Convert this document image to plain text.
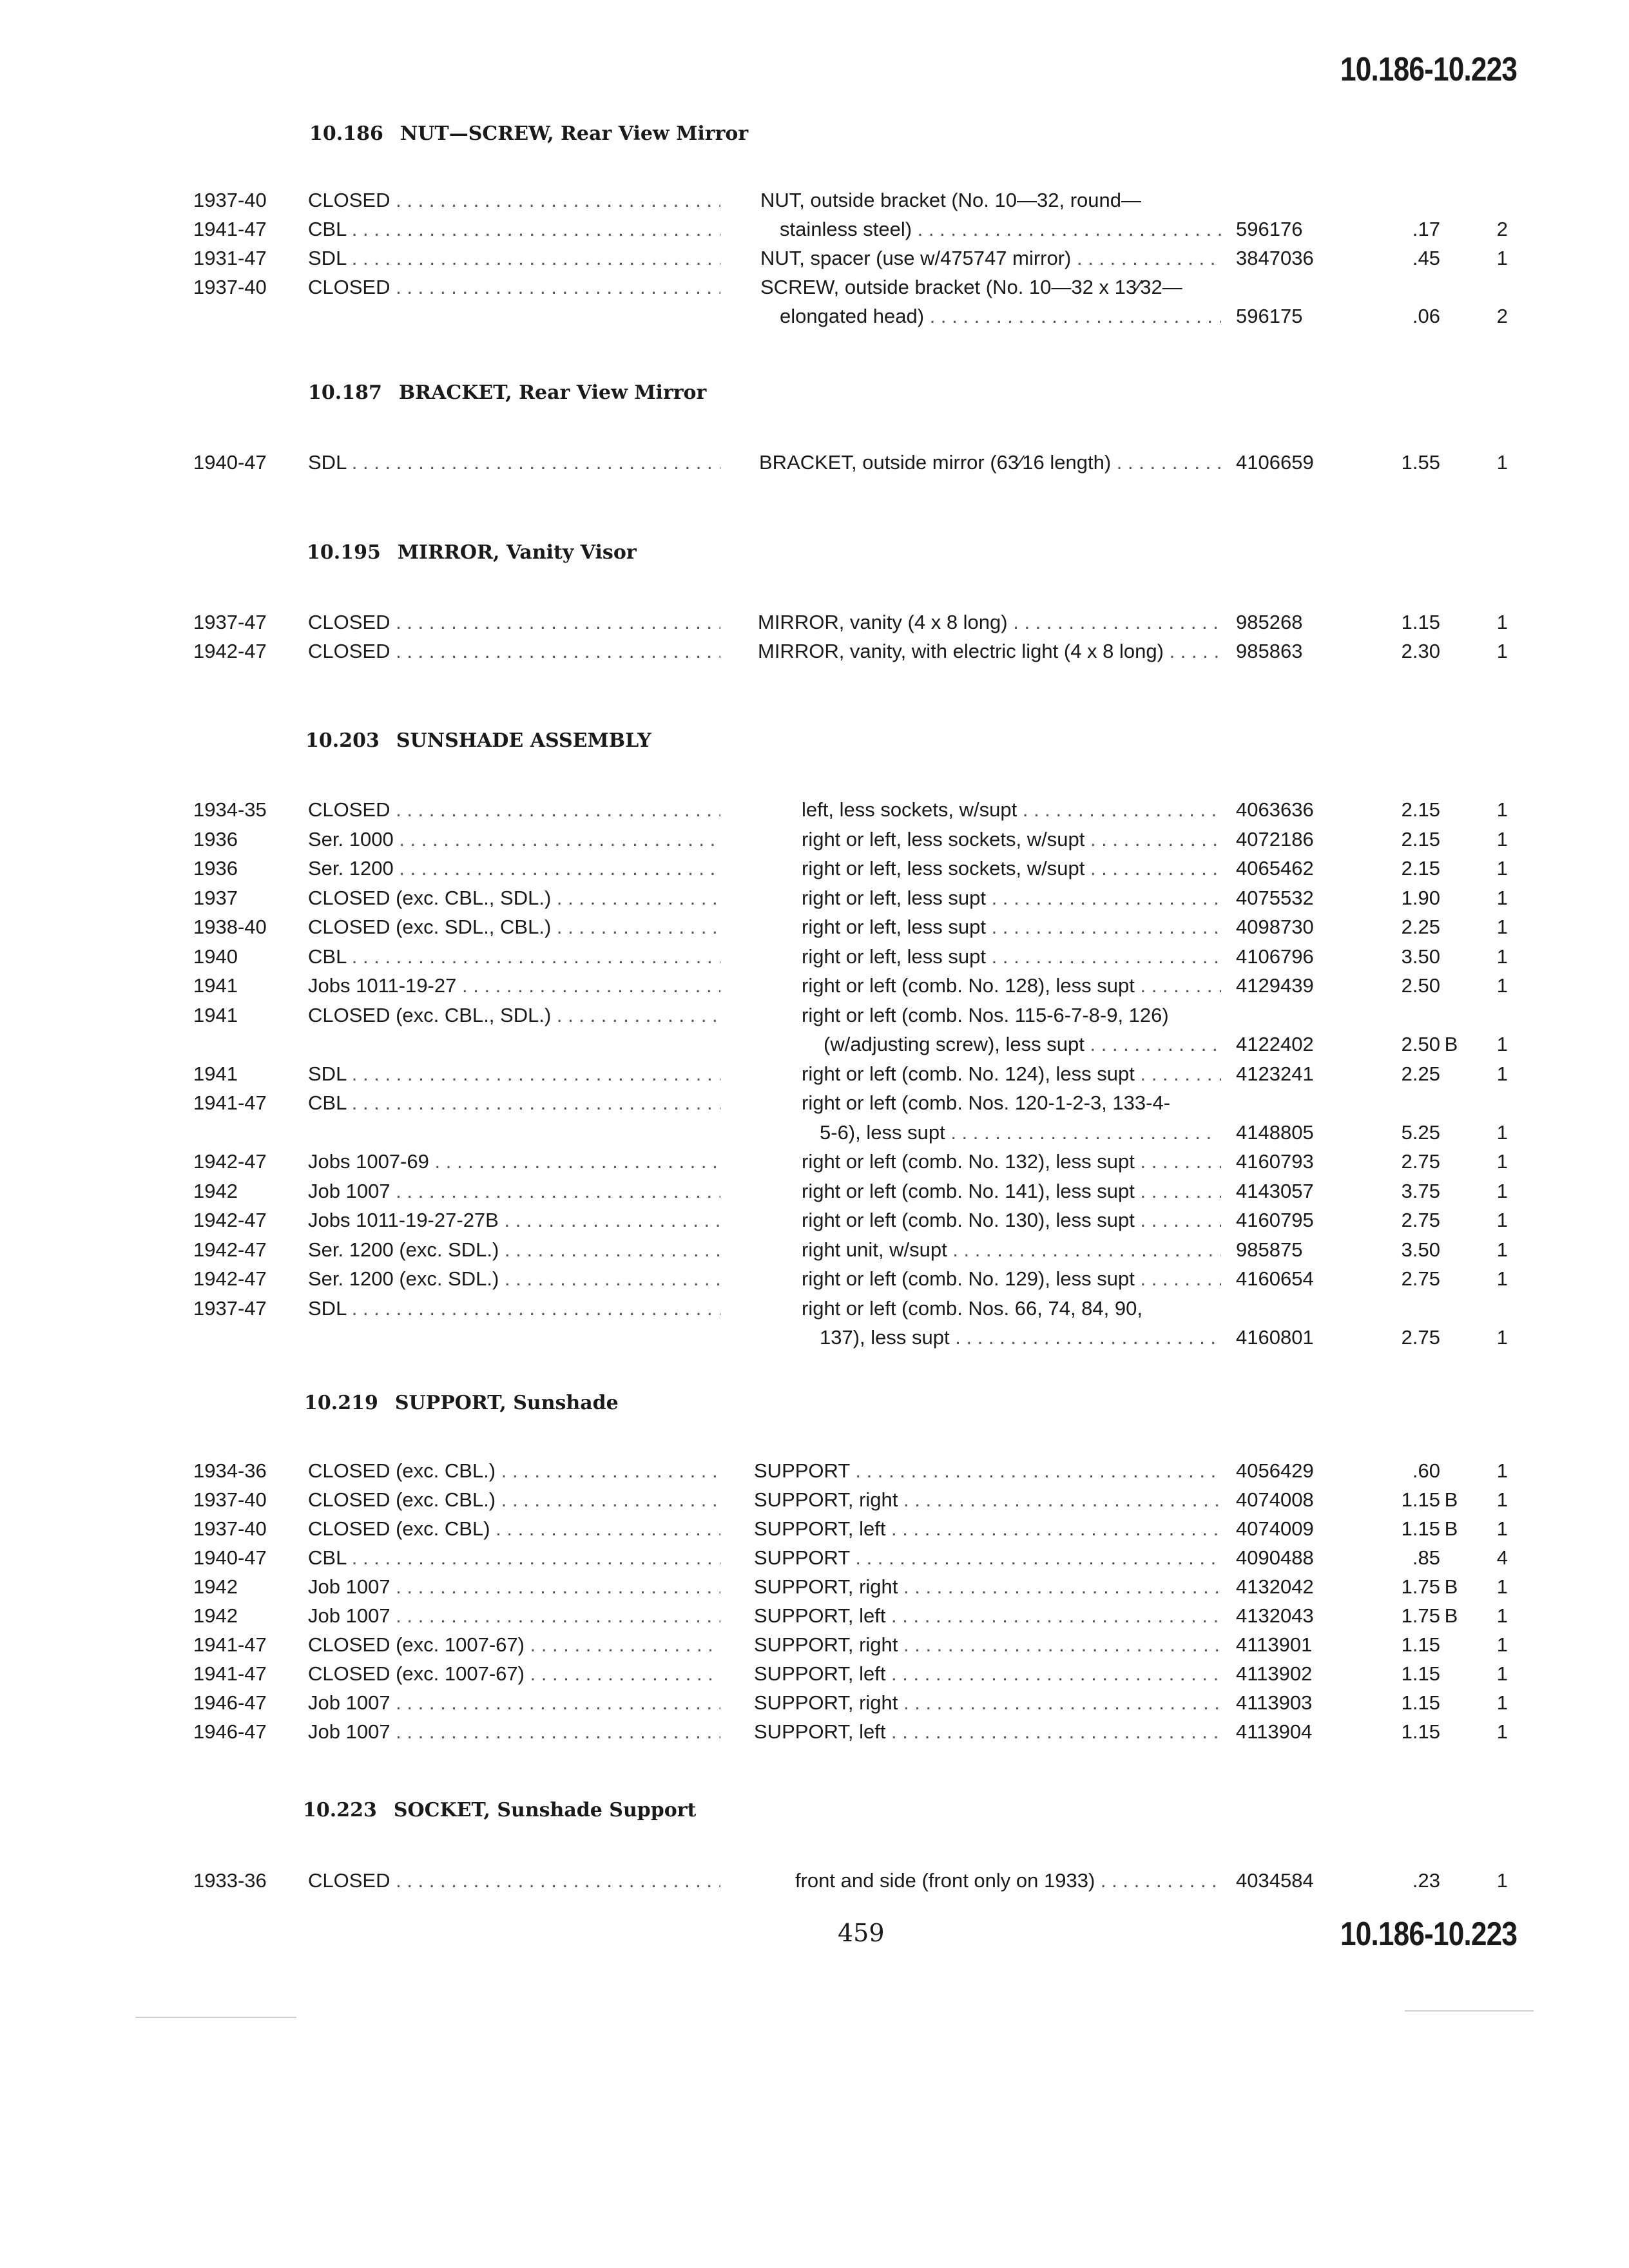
10.186-10.223
10.186 NUT—SCREW, Rear View Mirror
1937-40 CLOSED . . .	NUT, outside bracket (No. 10—32, round—
1941-47 CBL . . .	stainless steel) . . .	596176	.17	2
1931-47 SDL . . .	NUT, spacer (use w/475747 mirror) . . .	3847036	.45	1
1937-40 CLOSED . . .	SCREW, outside bracket (No. 10—32 x 13⁄32—
elongated head) . . .	596175	.06	2
10.187 BRACKET, Rear View Mirror
1940-47 SDL . . .	BRACKET, outside mirror (63⁄16 length) . . .	4106659	1.55	1
10.195 MIRROR, Vanity Visor
1937-47 CLOSED . . .	MIRROR, vanity (4 x 8 long) . . .	985268	1.15	1
1942-47 CLOSED . . .	MIRROR, vanity, with electric light (4 x 8 long) . . .	985863	2.30	1
10.203 SUNSHADE ASSEMBLY
1934-35 CLOSED . . .	left, less sockets, w/supt . . .	4063636	2.15	1
1936	Ser. 1000 . . .	right or left, less sockets, w/supt . . .	4072186	2.15	1
1936	Ser. 1200 . . .	right or left, less sockets, w/supt . . .	4065462	2.15	1
1937	CLOSED (exc. CBL., SDL.) . . .	right or left, less supt . . .	4075532	1.90	1
1938-40 CLOSED (exc. SDL., CBL.) . . .	right or left, less supt . . .	4098730	2.25	1
1940	CBL . . .	right or left, less supt . . .	4106796	3.50	1
1941	Jobs 1011-19-27 . . .	right or left (comb. No. 128), less supt . . .	4129439	2.50	1
1941	CLOSED (exc. CBL., SDL.) . . .	right or left (comb. Nos. 115-6-7-8-9, 126)
(w/adjusting screw), less supt . . .	4122402	2.50 B	1
1941	SDL . . .	right or left (comb. No. 124), less supt . . .	4123241	2.25	1
1941-47 CBL . . .	right or left (comb. Nos. 120-1-2-3, 133-4-
5-6), less supt . . .	4148805	5.25	1
1942-47 Jobs 1007-69 . . .	right or left (comb. No. 132), less supt . . .	4160793	2.75	1
1942	Job 1007 . . .	right or left (comb. No. 141), less supt . . .	4143057	3.75	1
1942-47 Jobs 1011-19-27-27B . . .	right or left (comb. No. 130), less supt . . .	4160795	2.75	1
1942-47 Ser. 1200 (exc. SDL.) . . .	right unit, w/supt . . .	985875	3.50	1
1942-47 Ser. 1200 (exc. SDL.) . . .	right or left (comb. No. 129), less supt . . .	4160654	2.75	1
1937-47 SDL . . .	right or left (comb. Nos. 66, 74, 84, 90,
137), less supt . . .	4160801	2.75	1
10.219 SUPPORT, Sunshade
1934-36 CLOSED (exc. CBL.) . . .	SUPPORT . . .	4056429	.60	1
1937-40 CLOSED (exc. CBL.) . . .	SUPPORT, right . . .	4074008	1.15 B	1
1937-40 CLOSED (exc. CBL) . . .	SUPPORT, left . . .	4074009	1.15 B	1
1940-47 CBL . . .	SUPPORT . . .	4090488	.85	4
1942	Job 1007 . . .	SUPPORT, right . . .	4132042	1.75 B	1
1942	Job 1007 . . .	SUPPORT, left . . .	4132043	1.75 B	1
1941-47 CLOSED (exc. 1007-67) . . .	SUPPORT, right . . .	4113901	1.15	1
1941-47 CLOSED (exc. 1007-67) . . .	SUPPORT, left . . .	4113902	1.15	1
1946-47 Job 1007 . . .	SUPPORT, right . . .	4113903	1.15	1
1946-47 Job 1007 . . .	SUPPORT, left . . .	4113904	1.15	1
10.223 SOCKET, Sunshade Support
1933-36 CLOSED . . .	front and side (front only on 1933) . . .	4034584	.23	1
459	10.186-10.223
